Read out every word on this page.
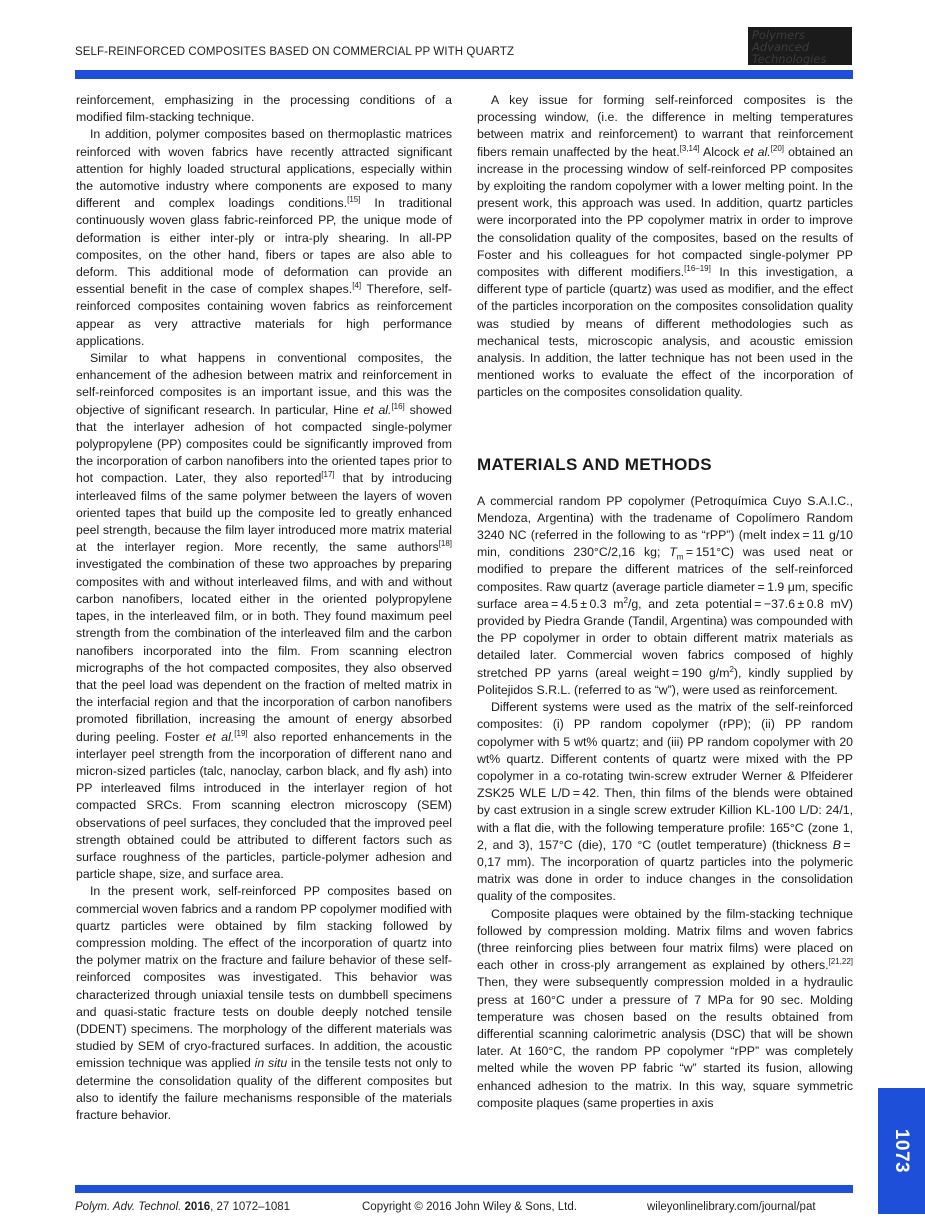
SELF-REINFORCED COMPOSITES BASED ON COMMERCIAL PP WITH QUARTZ
Polymers
Advanced
Technologies

reinforcement, emphasizing in the processing conditions of a modified film-stacking technique.

In addition, polymer composites based on thermoplastic matrices reinforced with woven fabrics have recently attracted significant attention for highly loaded structural applications, especially within the automotive industry where components are exposed to many different and complex loadings conditions.[15] In traditional continuously woven glass fabric-reinforced PP, the unique mode of deformation is either inter-ply or intra-ply shearing. In all-PP composites, on the other hand, fibers or tapes are also able to deform. This additional mode of deformation can provide an essential benefit in the case of complex shapes.[4] Therefore, self-reinforced composites containing woven fabrics as reinforcement appear as very attractive materials for high performance applications.

Similar to what happens in conventional composites, the enhancement of the adhesion between matrix and reinforcement in self-reinforced composites is an important issue, and this was the objective of significant research. In particular, Hine et al.[16] showed that the interlayer adhesion of hot compacted single-polymer polypropylene (PP) composites could be significantly improved from the incorporation of carbon nanofibers into the oriented tapes prior to hot compaction. Later, they also reported[17] that by introducing interleaved films of the same polymer between the layers of woven oriented tapes that build up the composite led to greatly enhanced peel strength, because the film layer introduced more matrix material at the interlayer region. More recently, the same authors[18] investigated the combination of these two approaches by preparing composites with and without interleaved films, and with and without carbon nanofibers, located either in the oriented polypropylene tapes, in the interleaved film, or in both. They found maximum peel strength from the combination of the interleaved film and the carbon nanofibers incorporated into the film. From scanning electron micrographs of the hot compacted composites, they also observed that the peel load was dependent on the fraction of melted matrix in the interfacial region and that the incorporation of carbon nanofibers promoted fibrillation, increasing the amount of energy absorbed during peeling. Foster et al.[19] also reported enhancements in the interlayer peel strength from the incorporation of different nano and micron-sized particles (talc, nanoclay, carbon black, and fly ash) into PP interleaved films introduced in the interlayer region of hot compacted SRCs. From scanning electron microscopy (SEM) observations of peel surfaces, they concluded that the improved peel strength obtained could be attributed to different factors such as surface roughness of the particles, particle-polymer adhesion and particle shape, size, and surface area.

In the present work, self-reinforced PP composites based on commercial woven fabrics and a random PP copolymer modified with quartz particles were obtained by film stacking followed by compression molding. The effect of the incorporation of quartz into the polymer matrix on the fracture and failure behavior of these self-reinforced composites was investigated. This behavior was characterized through uniaxial tensile tests on dumbbell specimens and quasi-static fracture tests on double deeply notched tensile (DDENT) specimens. The morphology of the different materials was studied by SEM of cryo-fractured surfaces. In addition, the acoustic emission technique was applied in situ in the tensile tests not only to determine the consolidation quality of the different composites but also to identify the failure mechanisms responsible of the materials fracture behavior.

A key issue for forming self-reinforced composites is the processing window, (i.e. the difference in melting temperatures between matrix and reinforcement) to warrant that reinforcement fibers remain unaffected by the heat.[3,14] Alcock et al.[20] obtained an increase in the processing window of self-reinforced PP composites by exploiting the random copolymer with a lower melting point. In the present work, this approach was used. In addition, quartz particles were incorporated into the PP copolymer matrix in order to improve the consolidation quality of the composites, based on the results of Foster and his colleagues for hot compacted single-polymer PP composites with different modifiers.[16–19] In this investigation, a different type of particle (quartz) was used as modifier, and the effect of the particles incorporation on the composites consolidation quality was studied by means of different methodologies such as mechanical tests, microscopic analysis, and acoustic emission analysis. In addition, the latter technique has not been used in the mentioned works to evaluate the effect of the incorporation of particles on the composites consolidation quality.

MATERIALS AND METHODS

A commercial random PP copolymer (Petroquímica Cuyo S.A.I.C., Mendoza, Argentina) with the tradename of Copolímero Random 3240 NC (referred in the following to as “rPP”) (melt index = 11 g/10 min, conditions 230°C/2,16 kg; $T_m = 151^\circ C$) was used neat or modified to prepare the different matrices of the self-reinforced composites. Raw quartz (average particle diameter = 1.9 μm, specific surface area = 4.5 ± 0.3 $m^2/g$, and zeta potential = −37.6 ± 0.8 mV) provided by Piedra Grande (Tandil, Argentina) was compounded with the PP copolymer in order to obtain different matrix materials as detailed later. Commercial woven fabrics composed of highly stretched PP yarns (areal weight = 190 $g/m^2$), kindly supplied by Politejidos S.R.L. (referred to as “w”), were used as reinforcement.

Different systems were used as the matrix of the self-reinforced composites: (i) PP random copolymer (rPP); (ii) PP random copolymer with 5 wt% quartz; and (iii) PP random copolymer with 20 wt% quartz. Different contents of quartz were mixed with the PP copolymer in a co-rotating twin-screw extruder Werner & Plfeiderer ZSK25 WLE L/D = 42. Then, thin films of the blends were obtained by cast extrusion in a single screw extruder Killion KL-100 L/D: 24/1, with a flat die, with the following temperature profile: 165°C (zone 1, 2, and 3), 157°C (die), 170 °C (outlet temperature) (thickness B = 0,17 mm). The incorporation of quartz particles into the polymeric matrix was done in order to induce changes in the consolidation quality of the composites.

Composite plaques were obtained by the film-stacking technique followed by compression molding. Matrix films and woven fabrics (three reinforcing plies between four matrix films) were placed on each other in cross-ply arrangement as explained by others.[21,22] Then, they were subsequently compression molded in a hydraulic press at 160°C under a pressure of 7 MPa for 90 sec. Molding temperature was chosen based on the results obtained from differential scanning calorimetric analysis (DSC) that will be shown later. At 160°C, the random PP copolymer “rPP” was completely melted while the woven PP fabric “w” started its fusion, allowing enhanced adhesion to the matrix. In this way, square symmetric composite plaques (same properties in axis

Polym. Adv. Technol. 2016, 27 1072–1081	Copyright © 2016 John Wiley & Sons, Ltd.	wileyonlinelibrary.com/journal/pat
1073
